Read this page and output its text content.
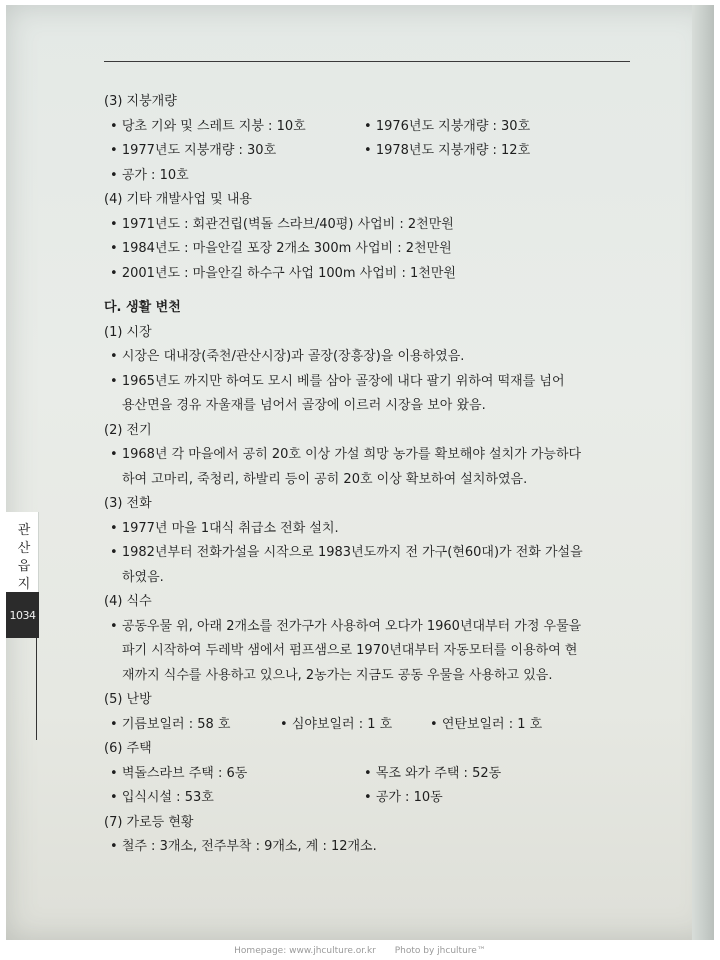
관산읍지
1034
(3) 지붕개량
• 당초 기와 및 스레트 지붕 : 10호	• 1976년도 지붕개량 : 30호
• 1977년도 지붕개량 : 30호	• 1978년도 지붕개량 : 12호
• 공가 : 10호
(4) 기타 개발사업 및 내용
• 1971년도 : 회관건립(벽돌 스라브/40평) 사업비 : 2천만원
• 1984년도 : 마을안길 포장 2개소 300m 사업비 : 2천만원
• 2001년도 : 마을안길 하수구 사업 100m 사업비 : 1천만원
다. 생활 변천
(1) 시장
• 시장은 대내장(죽천/관산시장)과 골장(장흥장)을 이용하였음.
• 1965년도 까지만 하여도 모시 베를 삼아 골장에 내다 팔기 위하여 떡재를 넘어
용산면을 경유 자울재를 넘어서 골장에 이르러 시장을 보아 왔음.
(2) 전기
• 1968년 각 마을에서 공히 20호 이상 가설 희망 농가를 확보해야 설치가 가능하다
하여 고마리, 죽청리, 하발리 등이 공히 20호 이상 확보하여 설치하였음.
(3) 전화
• 1977년 마을 1대식 취급소 전화 설치.
• 1982년부터 전화가설을 시작으로 1983년도까지 전 가구(현60대)가 전화 가설을
하였음.
(4) 식수
• 공동우물 위, 아래 2개소를 전가구가 사용하여 오다가 1960년대부터 가정 우물을
파기 시작하여 두레박 샘에서 펌프샘으로 1970년대부터 자동모터를 이용하여 현
재까지 식수를 사용하고 있으나, 2농가는 지금도 공동 우물을 사용하고 있음.
(5) 난방
• 기름보일러 : 58 호	• 심야보일러 : 1 호	• 연탄보일러 : 1 호
(6) 주택
• 벽돌스라브 주택 : 6동	• 목조 와가 주택 : 52동
• 입식시설 : 53호	• 공가 : 10동
(7) 가로등 현황
• 철주 : 3개소, 전주부착 : 9개소, 계 : 12개소.
Homepage: www.jhculture.or.kr Photo by jhculture™
